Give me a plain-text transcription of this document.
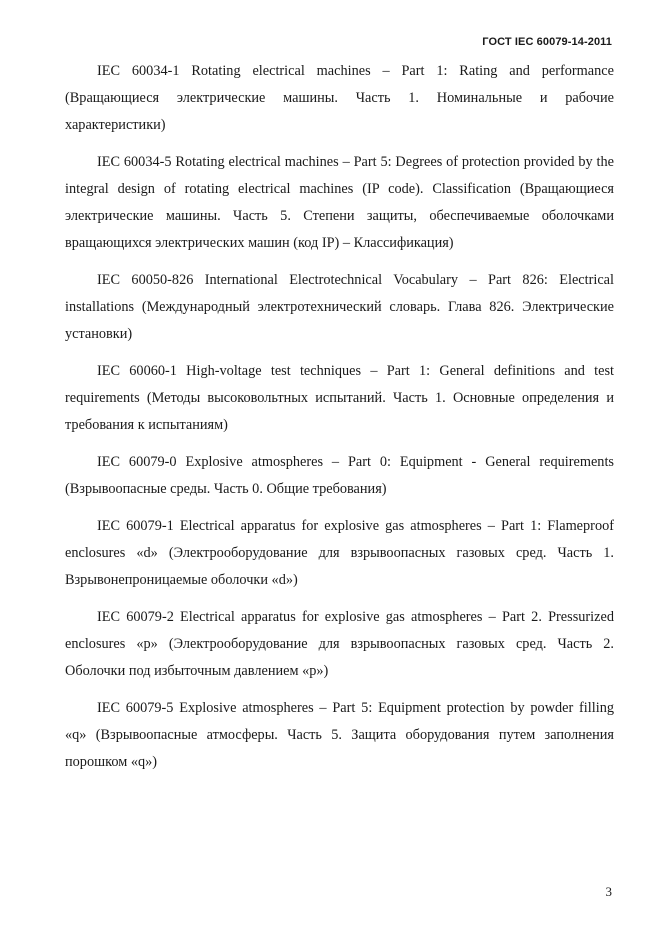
ГОСТ IEC 60079-14-2011

IEC 60034-1 Rotating electrical machines – Part 1: Rating and performance (Вращающиеся электрические машины. Часть 1. Номинальные и рабочие характеристики)

IEC 60034-5 Rotating electrical machines – Part 5: Degrees of protection provided by the integral design of rotating electrical machines (IP code). Classification (Вращающиеся электрические машины. Часть 5. Степени защиты, обеспечиваемые оболочками вращающихся электрических машин (код IP) – Классификация)

IEC 60050-826 International Electrotechnical Vocabulary – Part 826: Electrical installations (Международный электротехнический словарь. Глава 826. Электрические установки)

IEC 60060-1 High-voltage test techniques – Part 1: General definitions and test requirements (Методы высоковольтных испытаний. Часть 1. Основные определения и требования к испытаниям)

IEC 60079-0 Explosive atmospheres – Part 0: Equipment - General requirements (Взрывоопасные среды. Часть 0. Общие требования)

IEC 60079-1 Electrical apparatus for explosive gas atmospheres – Part 1: Flameproof enclosures «d» (Электрооборудование для взрывоопасных газовых сред. Часть 1. Взрывонепроницаемые оболочки «d»)

IEC 60079-2 Electrical apparatus for explosive gas atmospheres – Part 2. Pressurized enclosures «p» (Электрооборудование для взрывоопасных газовых сред. Часть 2. Оболочки под избыточным давлением «p»)

IEC 60079-5 Explosive atmospheres – Part 5: Equipment protection by powder filling «q» (Взрывоопасные атмосферы. Часть 5. Защита оборудования путем заполнения порошком «q»)

3
